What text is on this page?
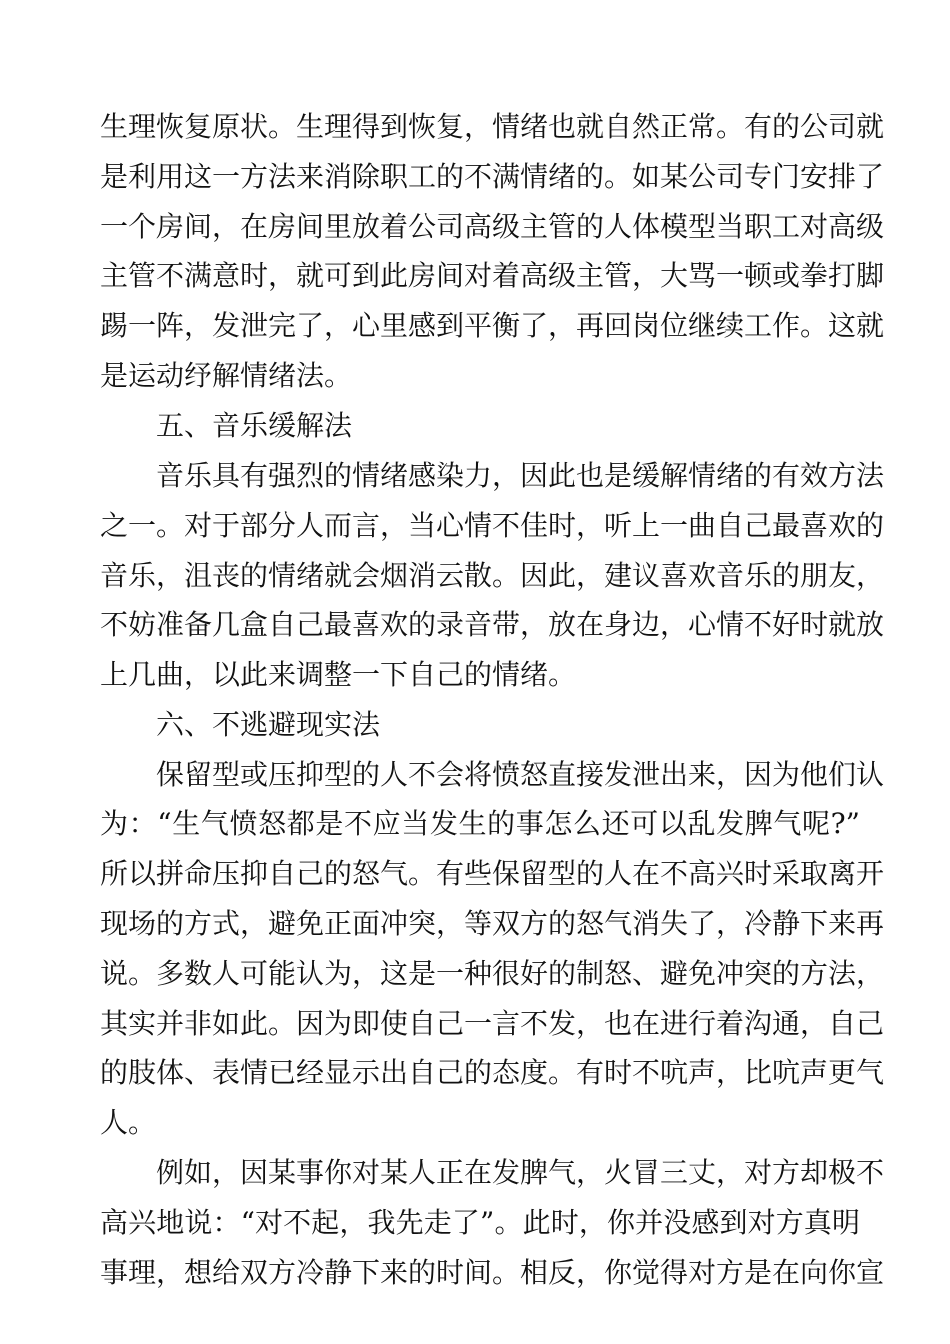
生理恢复原状。生理得到恢复，情绪也就自然正常。有的公司就
是利用这一方法来消除职工的不满情绪的。如某公司专门安排了
一个房间，在房间里放着公司高级主管的人体模型当职工对高级
主管不满意时，就可到此房间对着高级主管，大骂一顿或拳打脚
踢一阵，发泄完了，心里感到平衡了，再回岗位继续工作。这就
是运动纾解情绪法。
五、音乐缓解法
音乐具有强烈的情绪感染力，因此也是缓解情绪的有效方法
之一。对于部分人而言，当心情不佳时，听上一曲自己最喜欢的
音乐，沮丧的情绪就会烟消云散。因此，建议喜欢音乐的朋友，
不妨准备几盒自己最喜欢的录音带，放在身边，心情不好时就放
上几曲，以此来调整一下自己的情绪。
六、不逃避现实法
保留型或压抑型的人不会将愤怒直接发泄出来，因为他们认
为：“生气愤怒都是不应当发生的事怎么还可以乱发脾气呢?”
所以拼命压抑自己的怒气。有些保留型的人在不高兴时采取离开
现场的方式，避免正面冲突，等双方的怒气消失了，冷静下来再
说。多数人可能认为，这是一种很好的制怒、避免冲突的方法，
其实并非如此。因为即使自己一言不发，也在进行着沟通，自己
的肢体、表情已经显示出自己的态度。有时不吭声，比吭声更气
人。
例如，因某事你对某人正在发脾气，火冒三丈，对方却极不
高兴地说：“对不起，我先走了”。此时，你并没感到对方真明
事理，想给双方冷静下来的时间。相反，你觉得对方是在向你宣
